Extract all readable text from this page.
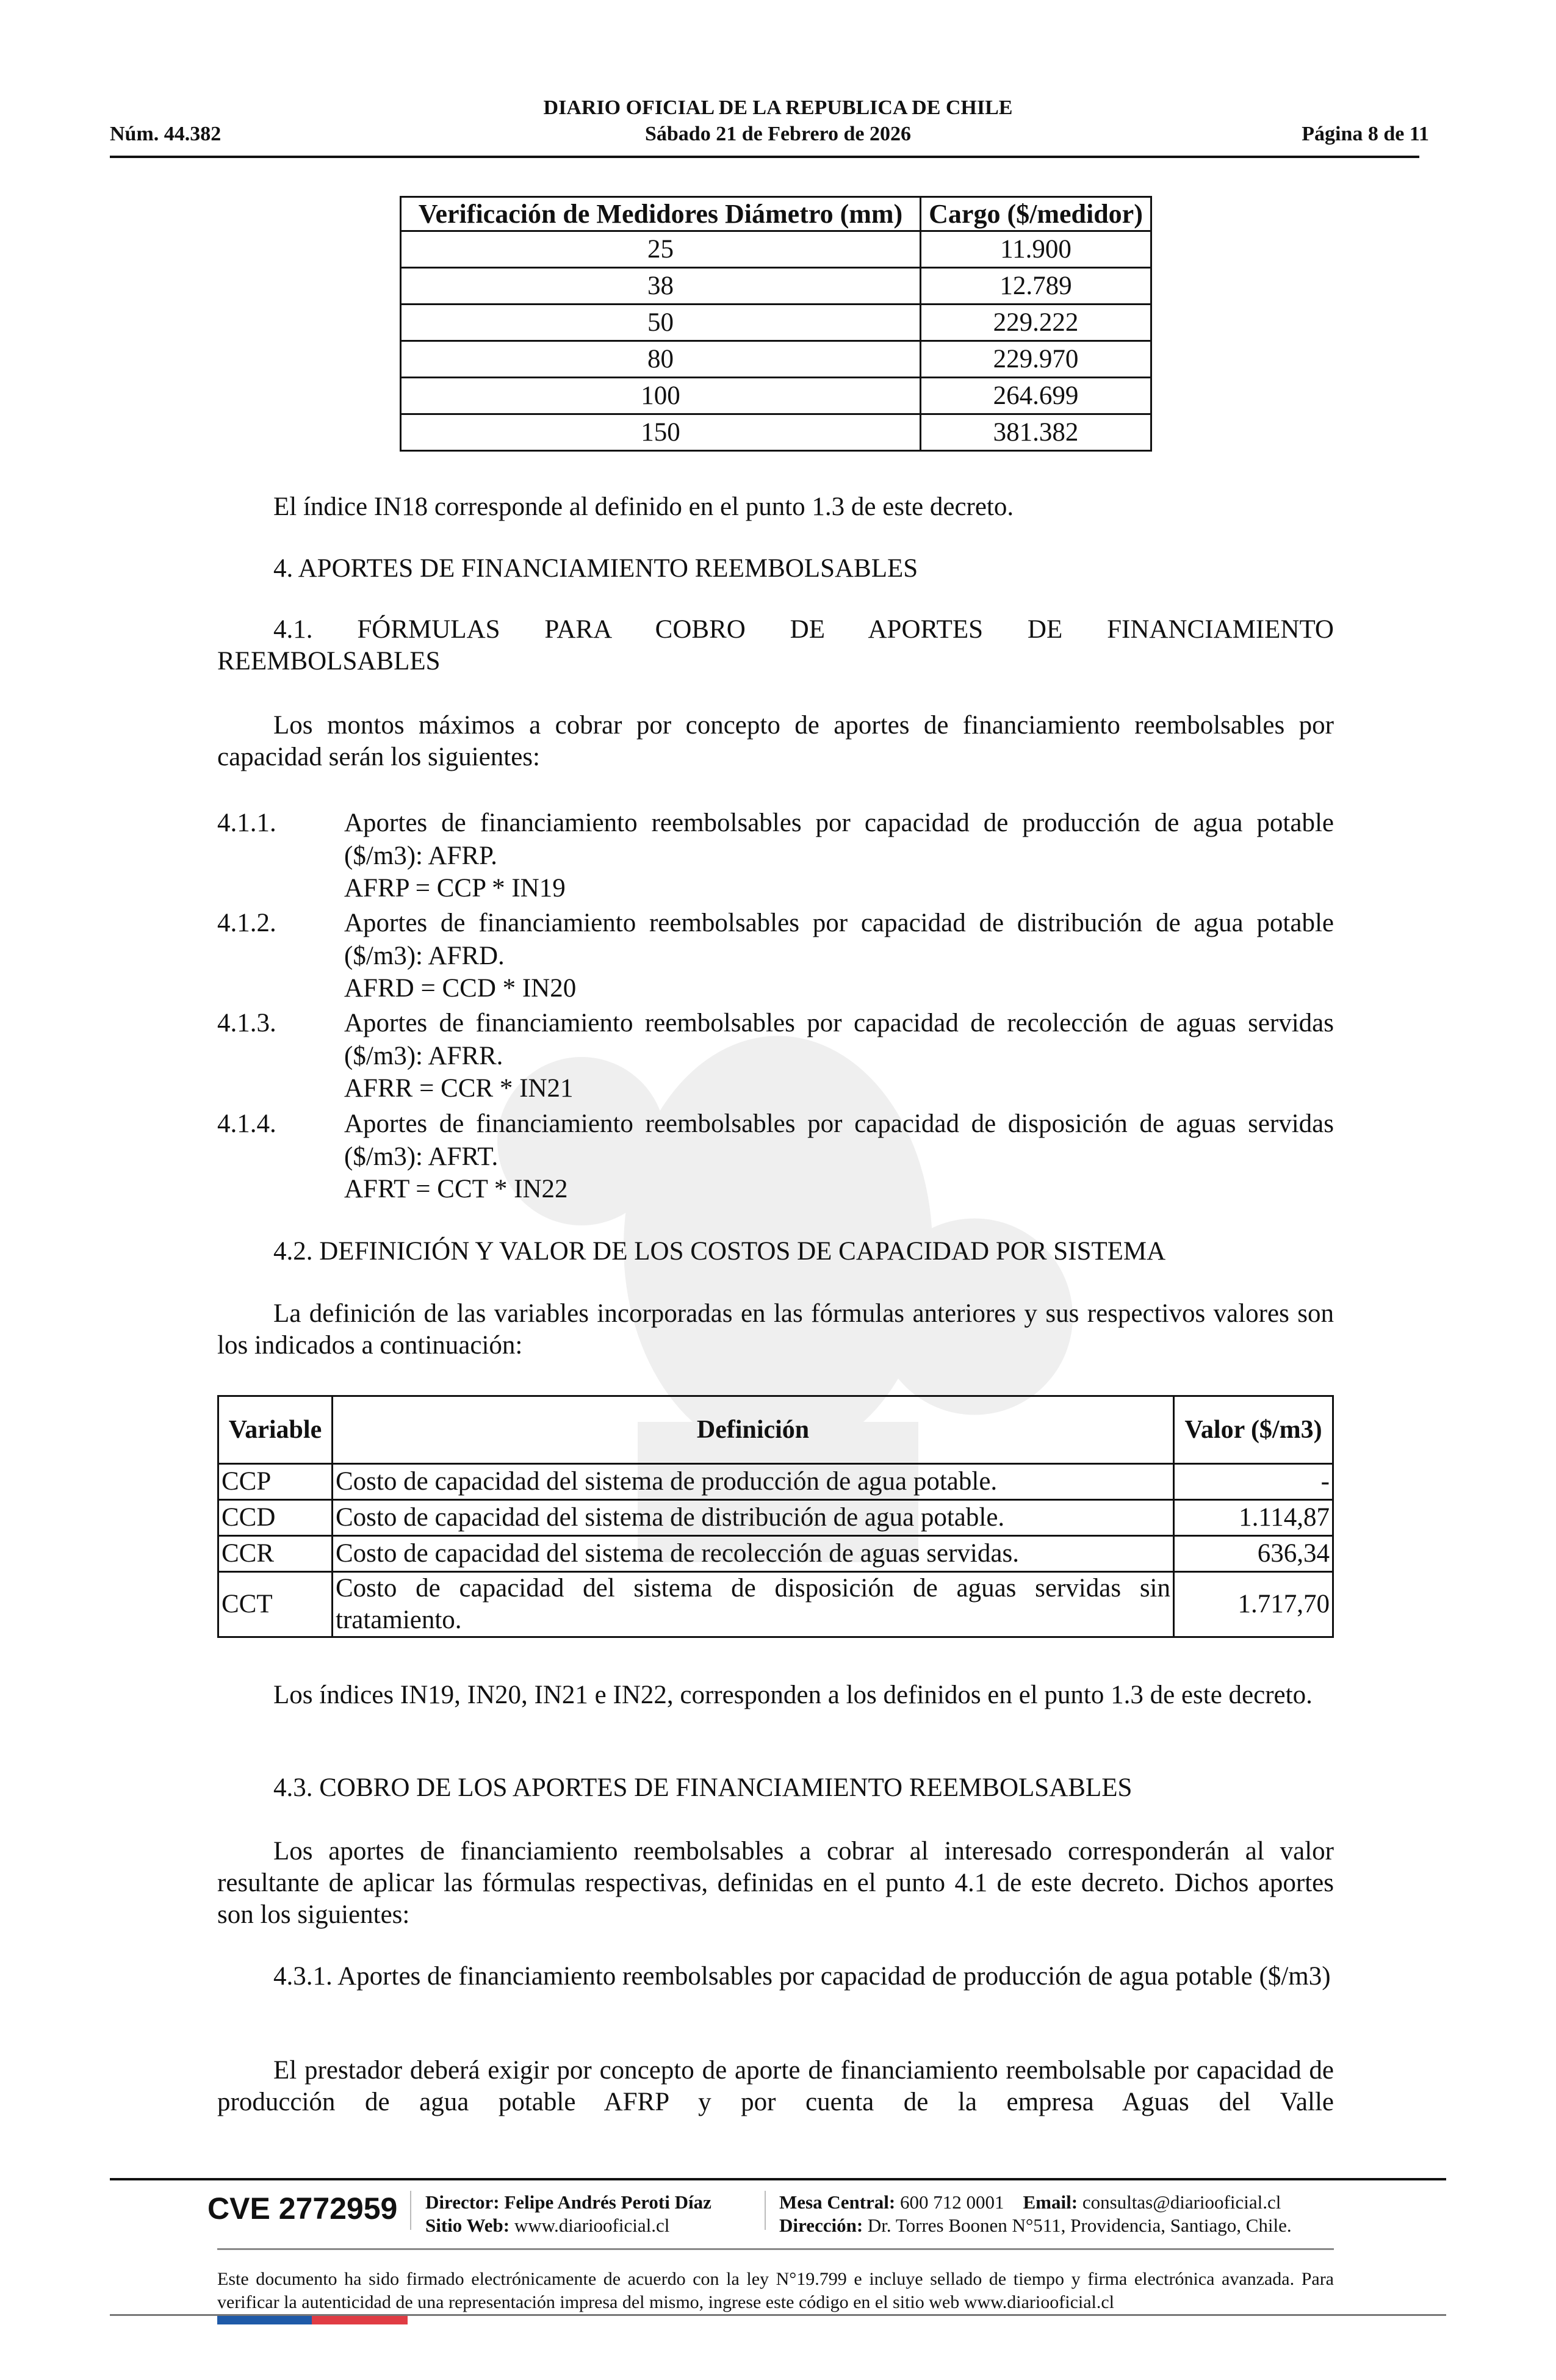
DIARIO OFICIAL DE LA REPUBLICA DE CHILE
Núm. 44.382	Sábado 21 de Febrero de 2026	Página 8 de 11
Verificación de Medidores Diámetro (mm)	Cargo ($/medidor)
25	11.900
38	12.789
50	229.222
80	229.970
100	264.699
150	381.382
El índice IN18 corresponde al definido en el punto 1.3 de este decreto.
4. APORTES DE FINANCIAMIENTO REEMBOLSABLES
4.1. FÓRMULAS PARA COBRO DE APORTES DE FINANCIAMIENTO
REEMBOLSABLES
Los montos máximos a cobrar por concepto de aportes de financiamiento reembolsables por capacidad serán los siguientes:
4.1.1.	Aportes de financiamiento reembolsables por capacidad de producción de agua potable ($/m3): AFRP.
AFRP = CCP * IN19
4.1.2.	Aportes de financiamiento reembolsables por capacidad de distribución de agua potable ($/m3): AFRD.
AFRD = CCD * IN20
4.1.3.	Aportes de financiamiento reembolsables por capacidad de recolección de aguas servidas ($/m3): AFRR.
AFRR = CCR * IN21
4.1.4.	Aportes de financiamiento reembolsables por capacidad de disposición de aguas servidas ($/m3): AFRT.
AFRT = CCT * IN22
4.2. DEFINICIÓN Y VALOR DE LOS COSTOS DE CAPACIDAD POR SISTEMA
La definición de las variables incorporadas en las fórmulas anteriores y sus respectivos valores son los indicados a continuación:
Variable	Definición	Valor ($/m3)
CCP	Costo de capacidad del sistema de producción de agua potable.	-
CCD	Costo de capacidad del sistema de distribución de agua potable.	1.114,87
CCR	Costo de capacidad del sistema de recolección de aguas servidas.	636,34
CCT	Costo de capacidad del sistema de disposición de aguas servidas sin tratamiento.	1.717,70
Los índices IN19, IN20, IN21 e IN22, corresponden a los definidos en el punto 1.3 de este decreto.
4.3. COBRO DE LOS APORTES DE FINANCIAMIENTO REEMBOLSABLES
Los aportes de financiamiento reembolsables a cobrar al interesado corresponderán al valor resultante de aplicar las fórmulas respectivas, definidas en el punto 4.1 de este decreto. Dichos aportes son los siguientes:
4.3.1. Aportes de financiamiento reembolsables por capacidad de producción de agua potable ($/m3)
El prestador deberá exigir por concepto de aporte de financiamiento reembolsable por capacidad de producción de agua potable AFRP y por cuenta de la empresa Aguas del Valle
CVE 2772959 Director: Felipe Andrés Peroti Díaz
Sitio Web: www.diariooficial.cl
Mesa Central: 600 712 0001 Email: consultas@diariooficial.cl
Dirección: Dr. Torres Boonen N°511, Providencia, Santiago, Chile.
Este documento ha sido firmado electrónicamente de acuerdo con la ley N°19.799 e incluye sellado de tiempo y firma electrónica avanzada. Para verificar la autenticidad de una representación impresa del mismo, ingrese este código en el sitio web www.diariooficial.cl
